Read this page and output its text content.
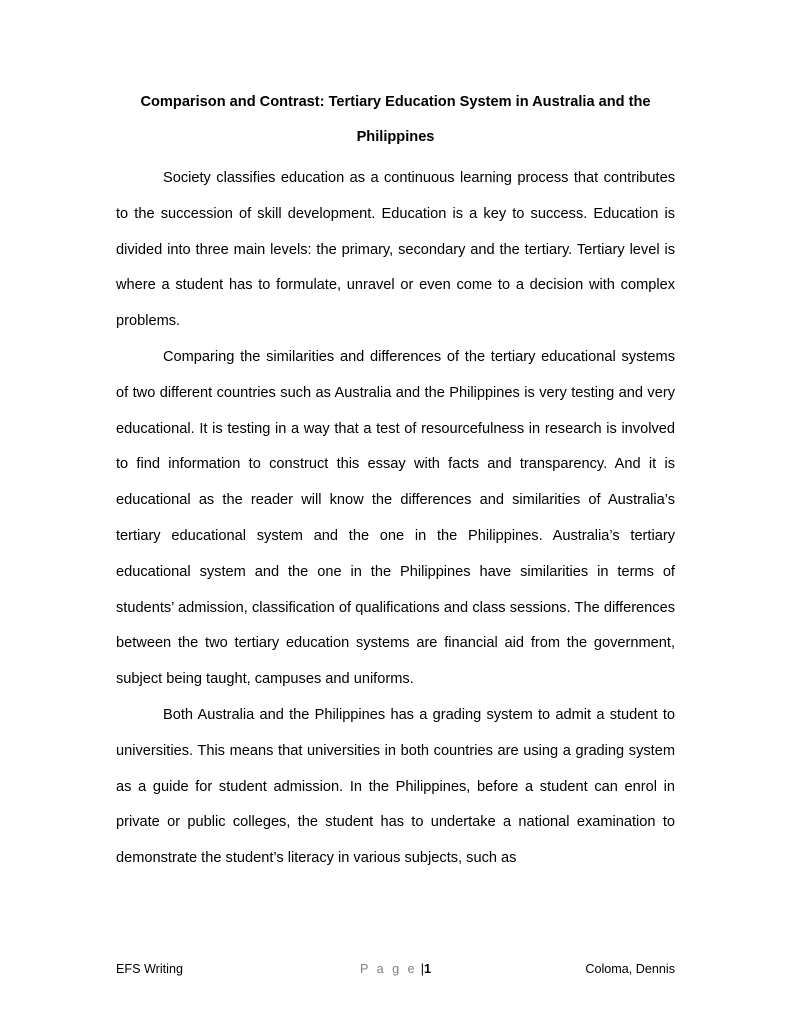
Comparison and Contrast: Tertiary Education System in Australia and the
Philippines

Society classifies education as a continuous learning process that contributes to the succession of skill development. Education is a key to success. Education is divided into three main levels: the primary, secondary and the tertiary. Tertiary level is where a student has to formulate, unravel or even come to a decision with complex problems.

Comparing the similarities and differences of the tertiary educational systems of two different countries such as Australia and the Philippines is very testing and very educational. It is testing in a way that a test of resourcefulness in research is involved to find information to construct this essay with facts and transparency. And it is educational as the reader will know the differences and similarities of Australia’s tertiary educational system and the one in the Philippines. Australia’s tertiary educational system and the one in the Philippines have similarities in terms of students’ admission, classification of qualifications and class sessions. The differences between the two tertiary education systems are financial aid from the government, subject being taught, campuses and uniforms.

Both Australia and the Philippines has a grading system to admit a student to universities. This means that universities in both countries are using a grading system as a guide for student admission. In the Philippines, before a student can enrol in private or public colleges, the student has to undertake a national examination to demonstrate the student’s literacy in various subjects, such as

EFS Writing	P a g e |1	Coloma, Dennis
